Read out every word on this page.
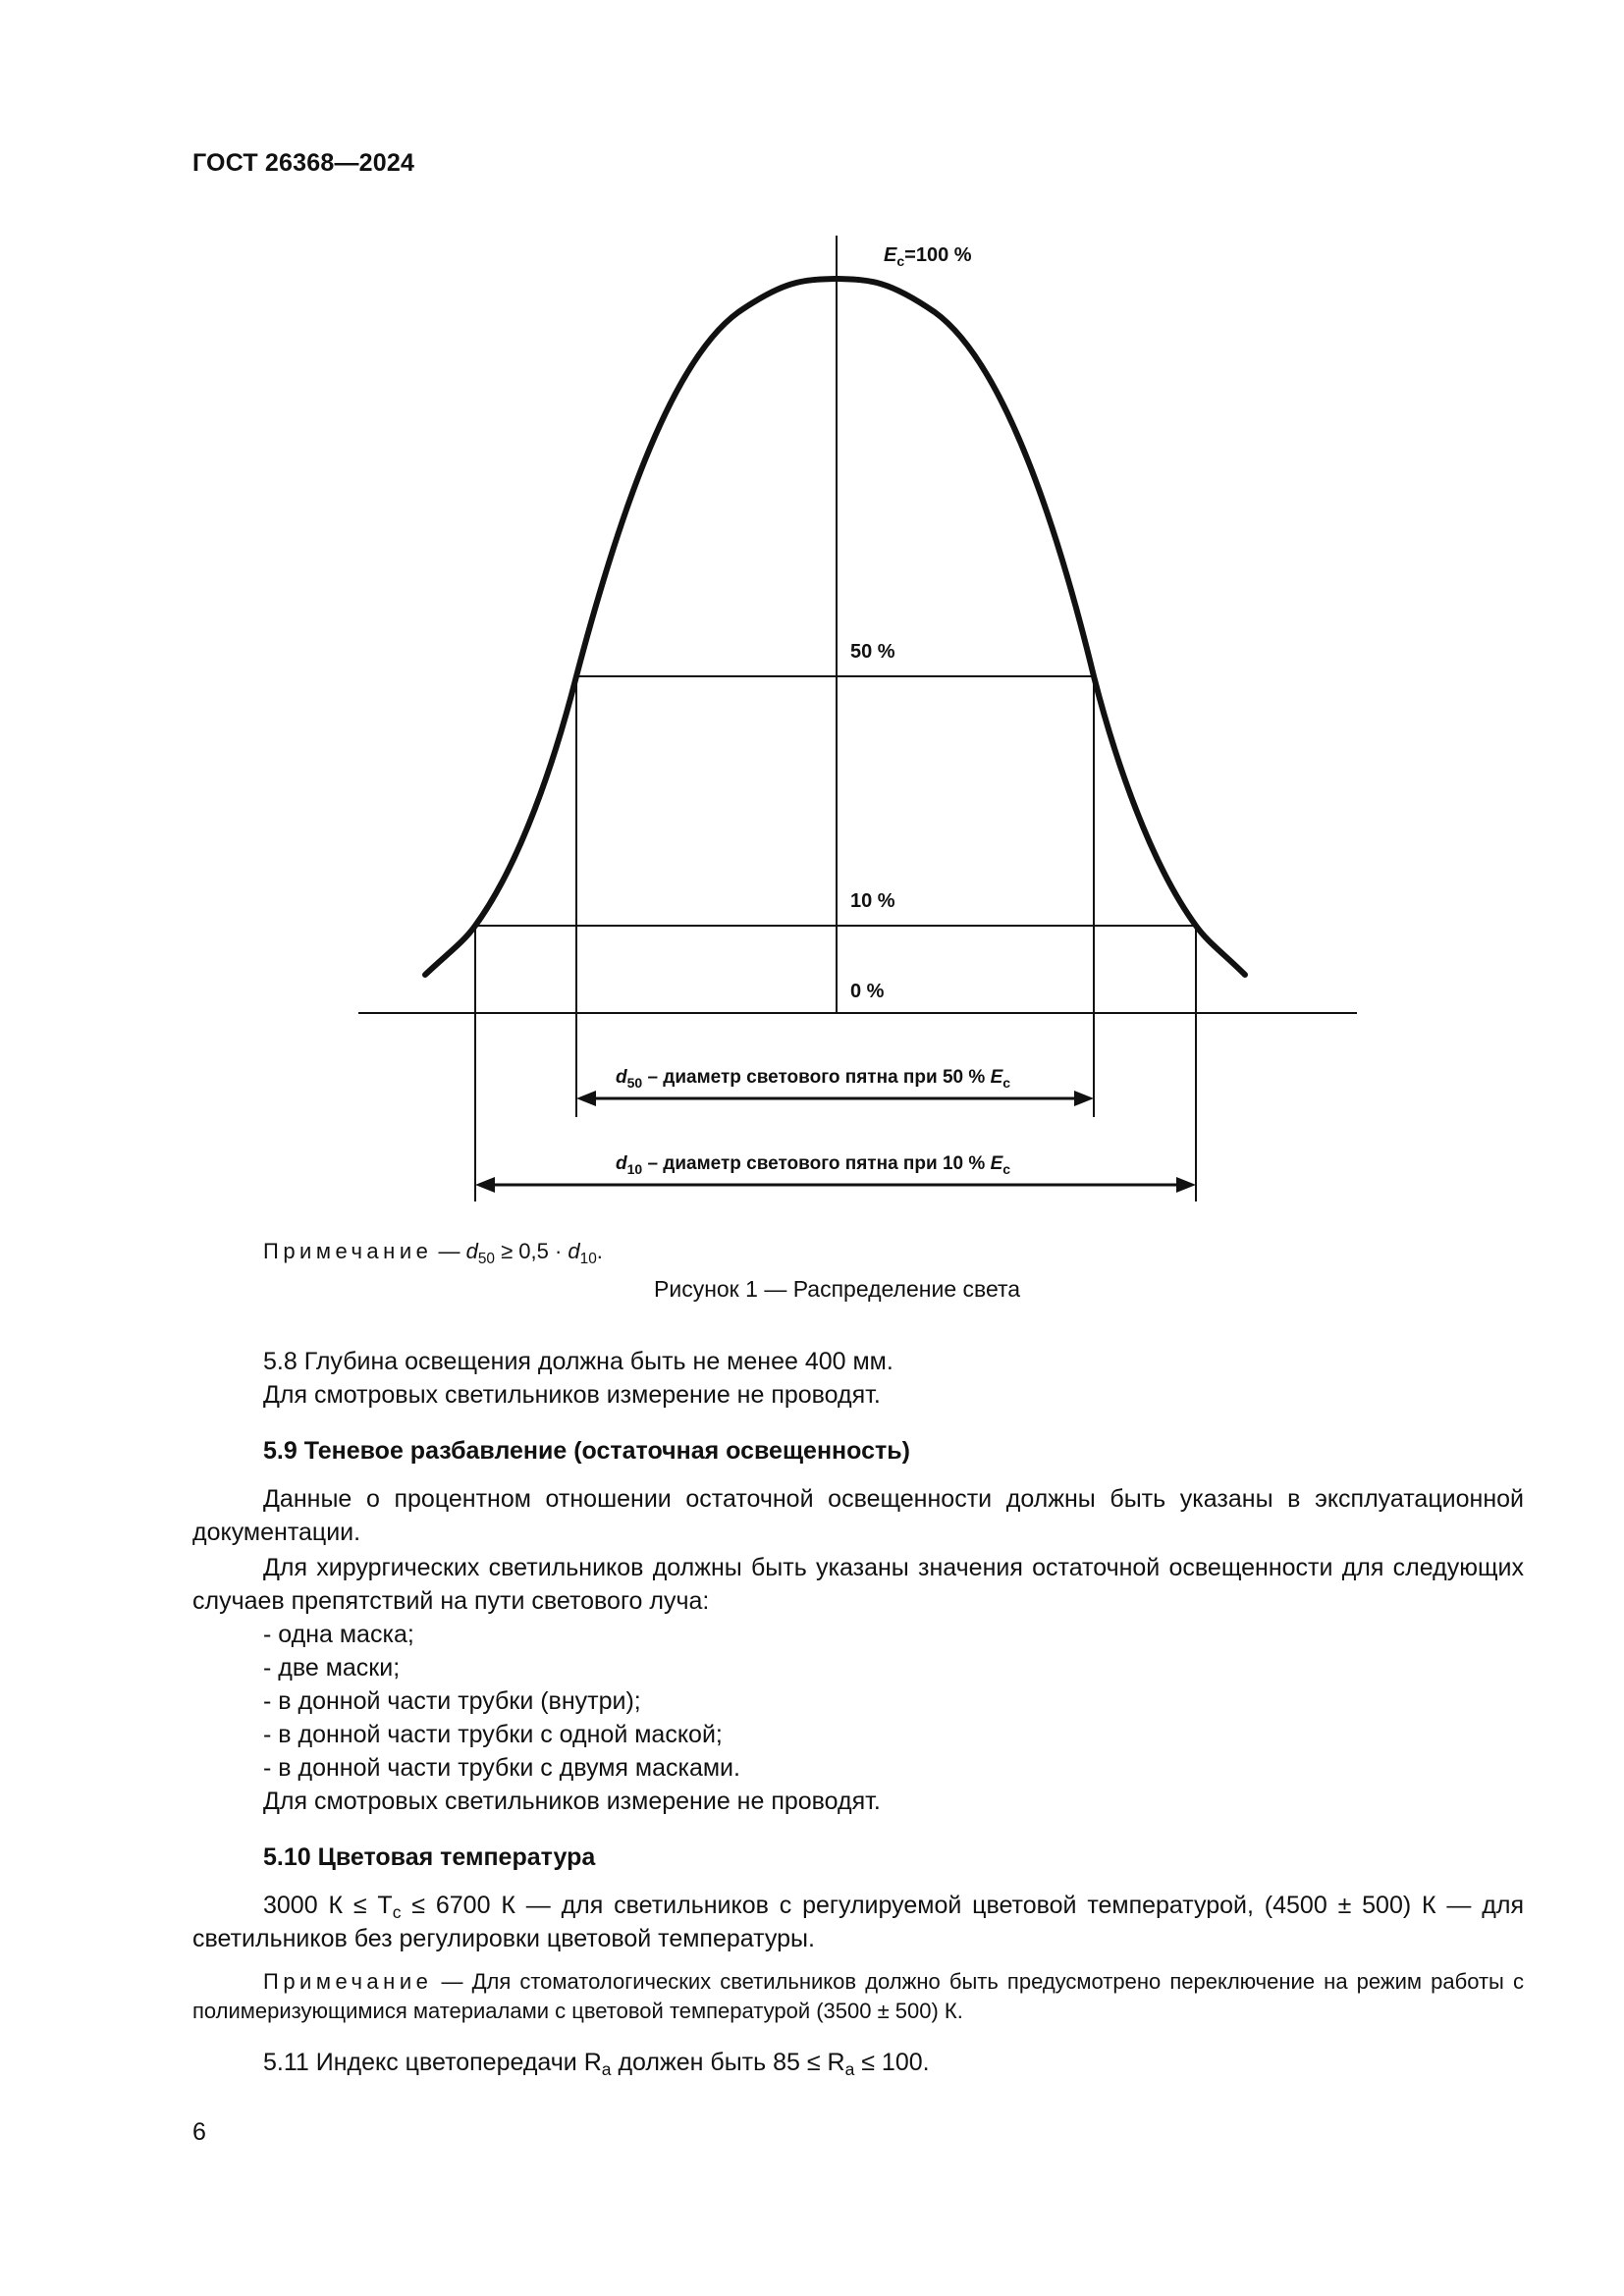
ГОСТ 26368—2024
$E_c=100$ %
50 %
10 %
0 %
$d_{50}$ – диаметр светового пятна при 50 % $E_c$
$d_{10}$ – диаметр светового пятна при 10 % $E_c$
Примечание — $d_{50} \ge 0,5 \cdot d_{10}$.
Рисунок 1 — Распределение света
5.8 Глубина освещения должна быть не менее 400 мм.
Для смотровых светильников измерение не проводят.
5.9 Теневое разбавление (остаточная освещенность)
Данные о процентном отношении остаточной освещенности должны быть указаны в эксплуатационной документации.
Для хирургических светильников должны быть указаны значения остаточной освещенности для следующих случаев препятствий на пути светового луча:
- одна маска;
- две маски;
- в донной части трубки (внутри);
- в донной части трубки с одной маской;
- в донной части трубки с двумя масками.
Для смотровых светильников измерение не проводят.
5.10 Цветовая температура
3000 $К \le T_c \le 6700$ К — для светильников с регулируемой цветовой температурой, (4500 ± 500) К — для светильников без регулировки цветовой температуры.
Примечание — Для стоматологических светильников должно быть предусмотрено переключение на режим работы с полимеризующимися материалами с цветовой температурой (3500 ± 500) К.
5.11 Индекс цветопередачи $R_a$ должен быть $85 \le R_a \le 100$.
6
